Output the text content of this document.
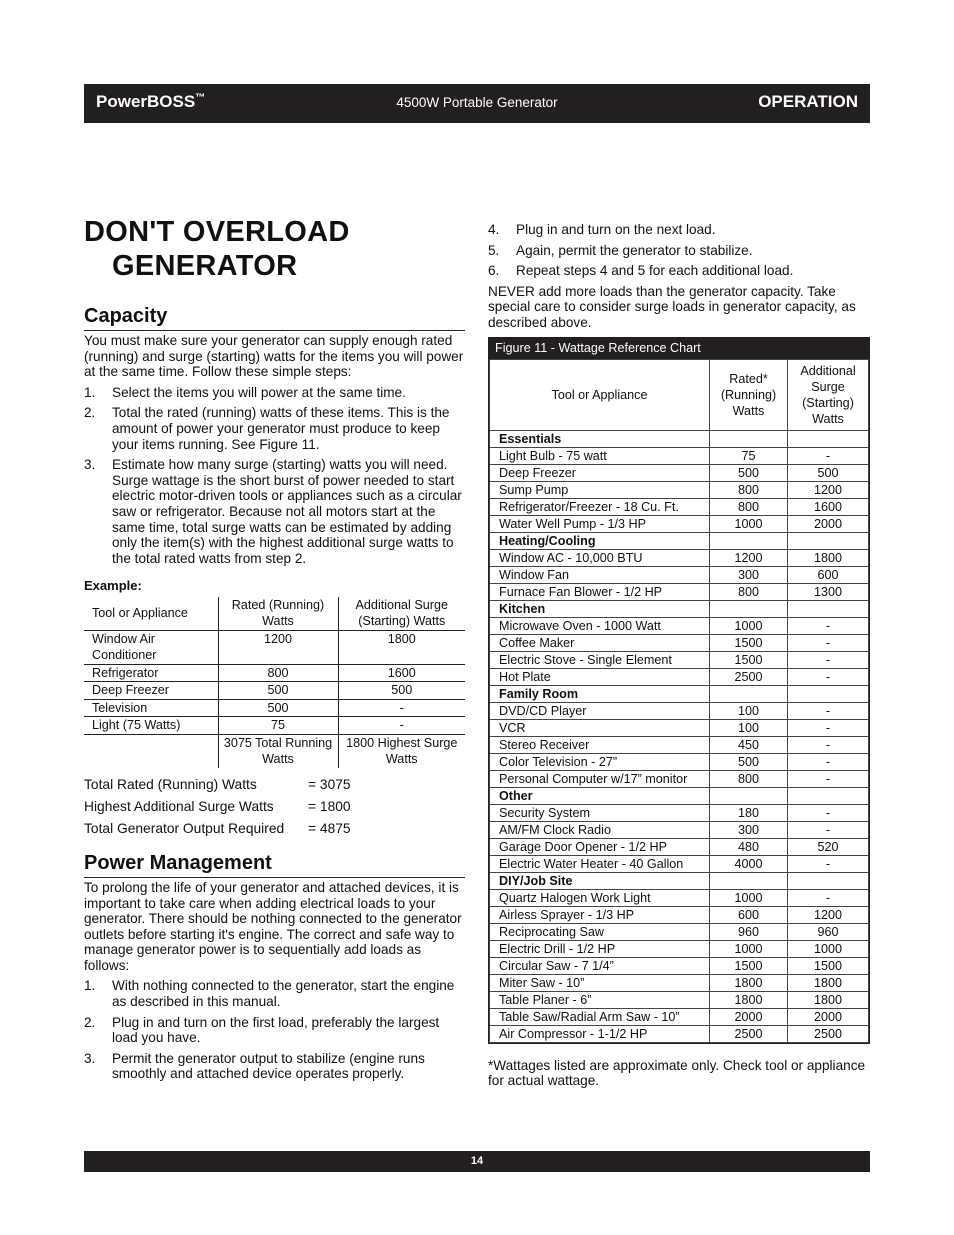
PowerBOSS™	4500W Portable Generator	OPERATION
DON'T OVERLOAD
GENERATOR
Capacity

You must make sure your generator can supply enough rated (running) and surge (starting) watts for the items you will power at the same time. Follow these simple steps:

1. Select the items you will power at the same time.
2. Total the rated (running) watts of these items. This is the amount of power your generator must produce to keep your items running. See Figure 11.
3. Estimate how many surge (starting) watts you will need. Surge wattage is the short burst of power needed to start electric motor-driven tools or appliances such as a circular saw or refrigerator. Because not all motors start at the same time, total surge watts can be estimated by adding only the item(s) with the highest additional surge watts to the total rated watts from step 2.
Example:
Tool or Appliance	Rated (Running) Watts	Additional Surge (Starting) Watts
Window Air Conditioner	1200	1800
Refrigerator	800	1600
Deep Freezer	500	500
Television	500	-
Light (75 Watts)	75	-
	3075 Total Running Watts	1800 Highest Surge Watts
Total Rated (Running) Watts	= 3075
Highest Additional Surge Watts = 1800
Total Generator Output Required = 4875
Power Management

To prolong the life of your generator and attached devices, it is important to take care when adding electrical loads to your generator. There should be nothing connected to the generator outlets before starting it's engine. The correct and safe way to manage generator power is to sequentially add loads as follows:

1. With nothing connected to the generator, start the engine as described in this manual.
2. Plug in and turn on the first load, preferably the largest load you have.
3. Permit the generator output to stabilize (engine runs smoothly and attached device operates properly.
4. Plug in and turn on the next load.
5. Again, permit the generator to stabilize.
6. Repeat steps 4 and 5 for each additional load.

NEVER add more loads than the generator capacity. Take special care to consider surge loads in generator capacity, as described above.

Figure 11 - Wattage Reference Chart
Tool or Appliance	Rated* (Running) Watts	Additional Surge (Starting) Watts
Essentials		
Light Bulb - 75 watt	75	-
Deep Freezer	500	500
Sump Pump	800	1200
Refrigerator/Freezer - 18 Cu. Ft.	800	1600
Water Well Pump - 1/3 HP	1000	2000
Heating/Cooling		
Window AC - 10,000 BTU	1200	1800
Window Fan	300	600
Furnace Fan Blower - 1/2 HP	800	1300
Kitchen		
Microwave Oven - 1000 Watt	1000	-
Coffee Maker	1500	-
Electric Stove - Single Element	1500	-
Hot Plate	2500	-
Family Room		
DVD/CD Player	100	-
VCR	100	-
Stereo Receiver	450	-
Color Television - 27”	500	-
Personal Computer w/17” monitor	800	-
Other		
Security System	180	-
AM/FM Clock Radio	300	-
Garage Door Opener - 1/2 HP	480	520
Electric Water Heater - 40 Gallon	4000	-
DIY/Job Site		
Quartz Halogen Work Light	1000	-
Airless Sprayer - 1/3 HP	600	1200
Reciprocating Saw	960	960
Electric Drill - 1/2 HP	1000	1000
Circular Saw - 7 1/4”	1500	1500
Miter Saw - 10”	1800	1800
Table Planer - 6”	1800	1800
Table Saw/Radial Arm Saw - 10”	2000	2000
Air Compressor - 1-1/2 HP	2500	2500

*Wattages listed are approximate only. Check tool or appliance for actual wattage.

14
